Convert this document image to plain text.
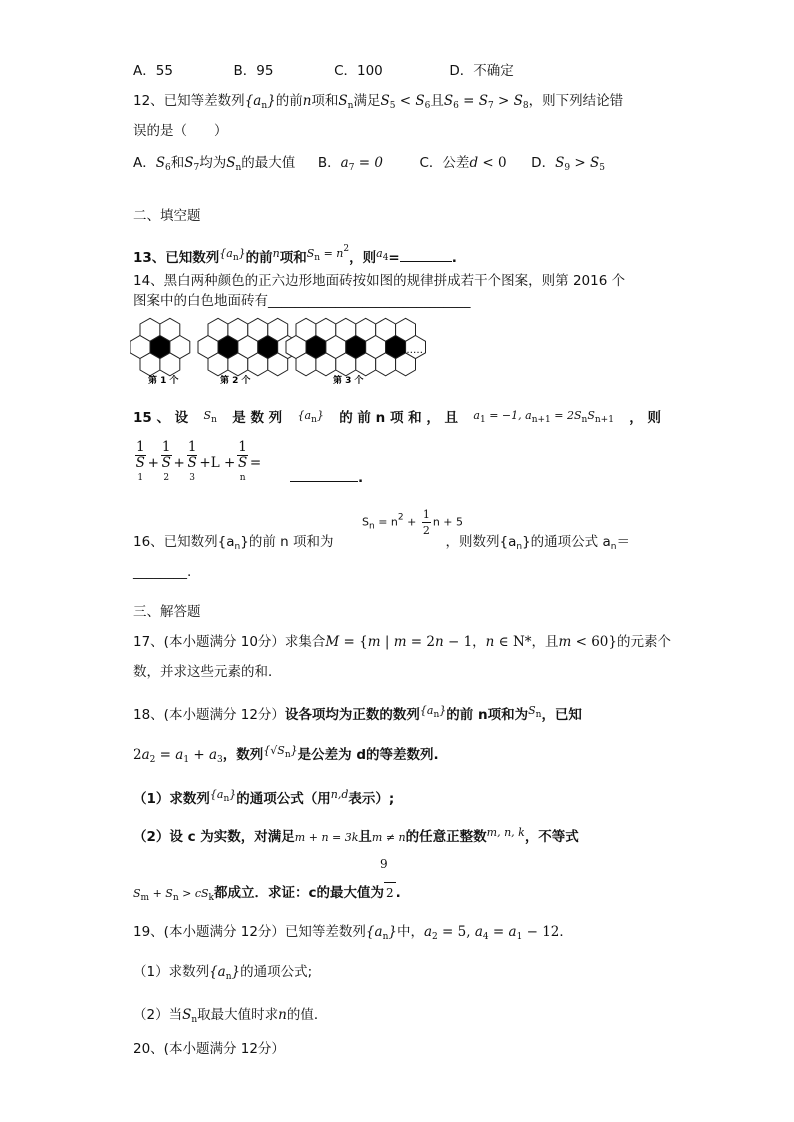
A．55	B．95	C．100	D．不确定
12、已知等差数列$\{a_n\}$的前n项和$S_n$满足$S_5 < S_6$且$S_6 = S_7 > S_8$，则下列结论错
误的是（　　）
A．$S_6$和$S_7$均为$S_n$的最大值 B．$a_7 = 0$	C．公差d < 0 D．$S_9 > S_5$
二、填空题
13、已知数列$^{\{a_n\}}$的前$^n$项和$^{S_n = n^2}$，则$^{a_4}$=	.
14、黑白两种颜色的正六边形地面砖按如图的规律拼成若干个图案，则第 2016 个
图案中的白色地面砖有______________________________
第 1 个	第 2 个	第 3 个
……
15 、 设 $S_n$ 是 数 列 $\{a_n\}$ 的 前 n 项 和 ， 且 $a_1 = -1$, $a_{n+1} = 2S_nS_{n+1}$ ， 则
1
S
1 + 1
S
2 + 1
S
3 +L + 1
S
n =
.
$S_n = n^2 + \frac{1}{2}$ n + 5
16、已知数列$\{a_n\}$的前 n 项和为	，则数列$\{a_n\}$的通项公式 $a_n=$
________.
三、解答题
17、(本小题满分 10分）求集合M = {m | m = 2n − 1，n ∈ N*，且m < 60}的元素个
数，并求这些元素的和．
18、(本小题满分 12分）设各项均为正数的数列$^{\{a_n\}}$的前 n项和为$^{S_n}$，已知
$2a_2 = a_1 + a_3$，数列$^{\{√S_n\}}$是公差为 d的等差数列.
（1）求数列$^{\{a_n\}}$的通项公式（用$^{n,d}$表示）;
（2）设 c 为实数，对满足m + n = 3k且m ≠ n的任意正整数$^{m, n, k}$，不等式
9
$S_m + S_n > cS_k$都成立．求证：c的最大值为 2 .
19、(本小题满分 12分）已知等差数列$\{a_n\}$中，$a_2 = 5$, $a_4 = a_1 - 12$．
（1）求数列$\{a_n\}$的通项公式;
（2）当$S_n$取最大值时求n的值．
20、(本小题满分 12分）
